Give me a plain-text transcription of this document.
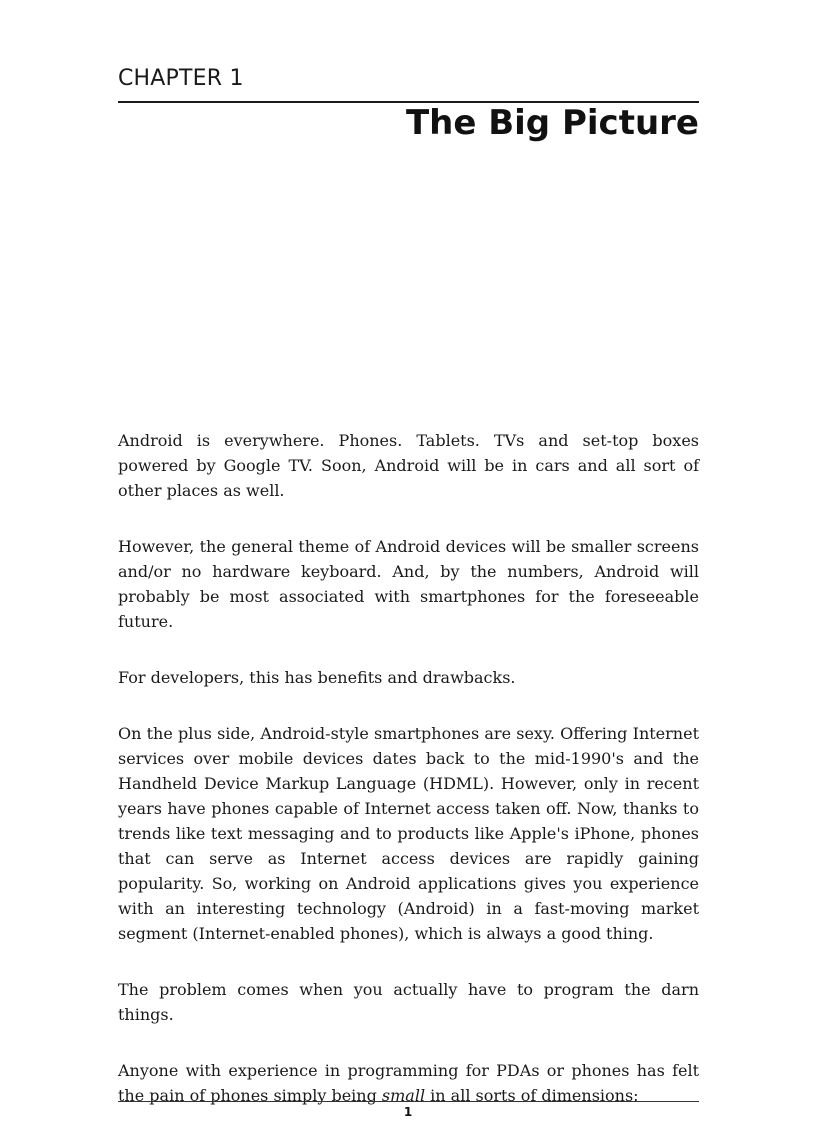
CHAPTER 1
The Big Picture

Android is everywhere. Phones. Tablets. TVs and set-top boxes powered by Google TV. Soon, Android will be in cars and all sort of other places as well.

However, the general theme of Android devices will be smaller screens and/or no hardware keyboard. And, by the numbers, Android will probably be most associated with smartphones for the foreseeable future.

For developers, this has benefits and drawbacks.

On the plus side, Android-style smartphones are sexy. Offering Internet services over mobile devices dates back to the mid-1990's and the Handheld Device Markup Language (HDML). However, only in recent years have phones capable of Internet access taken off. Now, thanks to trends like text messaging and to products like Apple's iPhone, phones that can serve as Internet access devices are rapidly gaining popularity. So, working on Android applications gives you experience with an interesting technology (Android) in a fast-moving market segment (Internet-enabled phones), which is always a good thing.

The problem comes when you actually have to program the darn things.

Anyone with experience in programming for PDAs or phones has felt the pain of phones simply being small in all sorts of dimensions:

1
